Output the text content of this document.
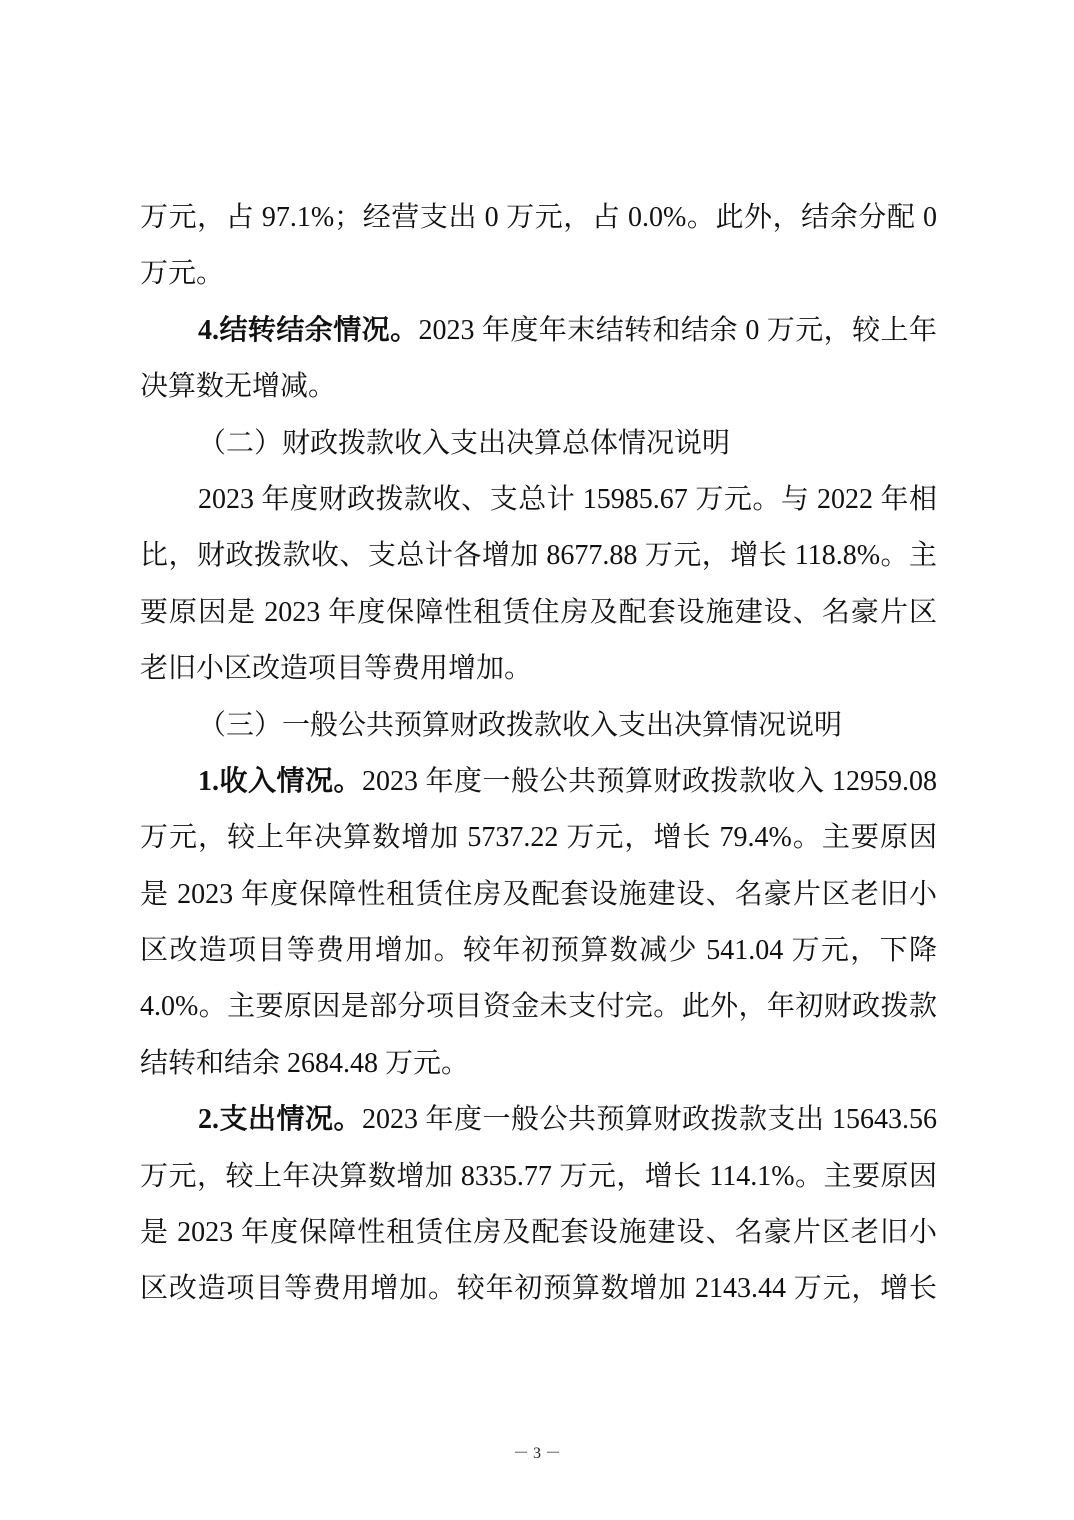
万元，占 97.1%；经营支出 0 万元，占 0.0%。此外，结余分配 0
万元。
4.结转结余情况。2023 年度年末结转和结余 0 万元，较上年
决算数无增减。
（二）财政拨款收入支出决算总体情况说明
2023 年度财政拨款收、支总计 15985.67 万元。与 2022 年相
比，财政拨款收、支总计各增加 8677.88 万元，增长 118.8%。主
要原因是 2023 年度保障性租赁住房及配套设施建设、名豪片区
老旧小区改造项目等费用增加。
（三）一般公共预算财政拨款收入支出决算情况说明
1.收入情况。2023 年度一般公共预算财政拨款收入 12959.08
万元，较上年决算数增加 5737.22 万元，增长 79.4%。主要原因
是 2023 年度保障性租赁住房及配套设施建设、名豪片区老旧小
区改造项目等费用增加。较年初预算数减少 541.04 万元，下降
4.0%。主要原因是部分项目资金未支付完。此外，年初财政拨款
结转和结余 2684.48 万元。
2.支出情况。2023 年度一般公共预算财政拨款支出 15643.56
万元，较上年决算数增加 8335.77 万元，增长 114.1%。主要原因
是 2023 年度保障性租赁住房及配套设施建设、名豪片区老旧小
区改造项目等费用增加。较年初预算数增加 2143.44 万元，增长
－ 3 －
